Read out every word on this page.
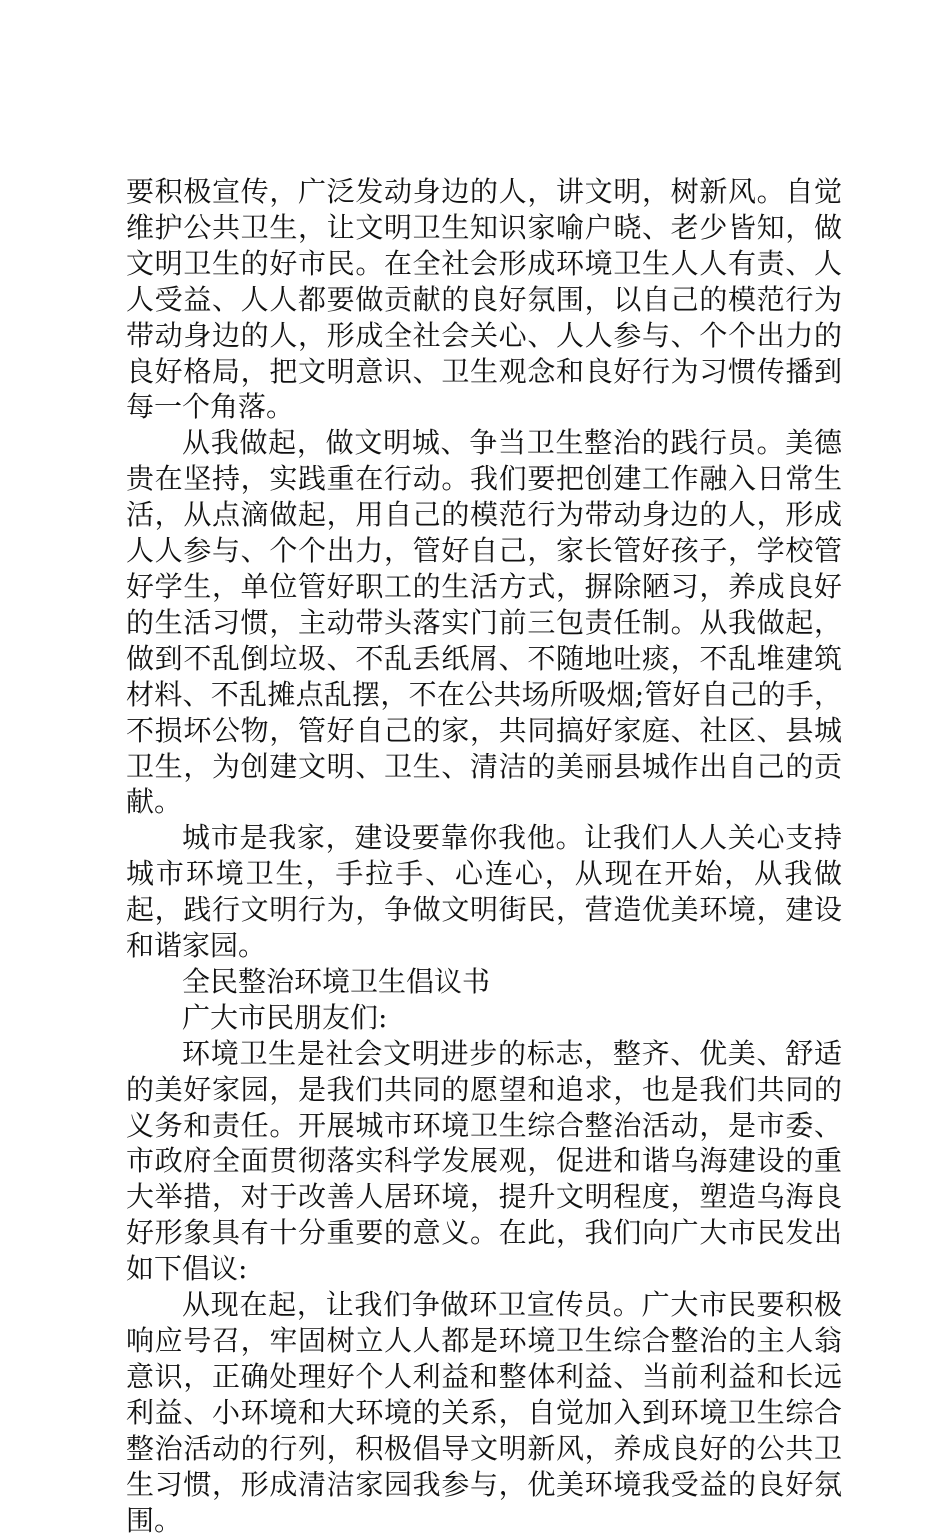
要积极宣传，广泛发动身边的人，讲文明，树新风。自觉维护公共卫生，让文明卫生知识家喻户晓、老少皆知，做文明卫生的好市民。在全社会形成环境卫生人人有责、人人受益、人人都要做贡献的良好氛围，以自己的模范行为带动身边的人，形成全社会关心、人人参与、个个出力的良好格局，把文明意识、卫生观念和良好行为习惯传播到每一个角落。

从我做起，做文明城、争当卫生整治的践行员。美德贵在坚持，实践重在行动。我们要把创建工作融入日常生活，从点滴做起，用自己的模范行为带动身边的人，形成人人参与、个个出力，管好自己，家长管好孩子，学校管好学生，单位管好职工的生活方式，摒除陋习，养成良好的生活习惯，主动带头落实门前三包责任制。从我做起，做到不乱倒垃圾、不乱丢纸屑、不随地吐痰，不乱堆建筑材料、不乱摊点乱摆，不在公共场所吸烟;管好自己的手，不损坏公物，管好自己的家，共同搞好家庭、社区、县城卫生，为创建文明、卫生、清洁的美丽县城作出自己的贡献。

城市是我家，建设要靠你我他。让我们人人关心支持城市环境卫生，手拉手、心连心，从现在开始，从我做起，践行文明行为，争做文明街民，营造优美环境，建设和谐家园。

全民整治环境卫生倡议书

广大市民朋友们:

环境卫生是社会文明进步的标志，整齐、优美、舒适的美好家园，是我们共同的愿望和追求，也是我们共同的义务和责任。开展城市环境卫生综合整治活动，是市委、市政府全面贯彻落实科学发展观，促进和谐乌海建设的重大举措，对于改善人居环境，提升文明程度，塑造乌海良好形象具有十分重要的意义。在此，我们向广大市民发出如下倡议:

从现在起，让我们争做环卫宣传员。广大市民要积极响应号召，牢固树立人人都是环境卫生综合整治的主人翁意识，正确处理好个人利益和整体利益、当前利益和长远利益、小环境和大环境的关系，自觉加入到环境卫生综合整治活动的行列，积极倡导文明新风，养成良好的公共卫生习惯，形成清洁家园我参与，优美环境我受益的良好氛围。
